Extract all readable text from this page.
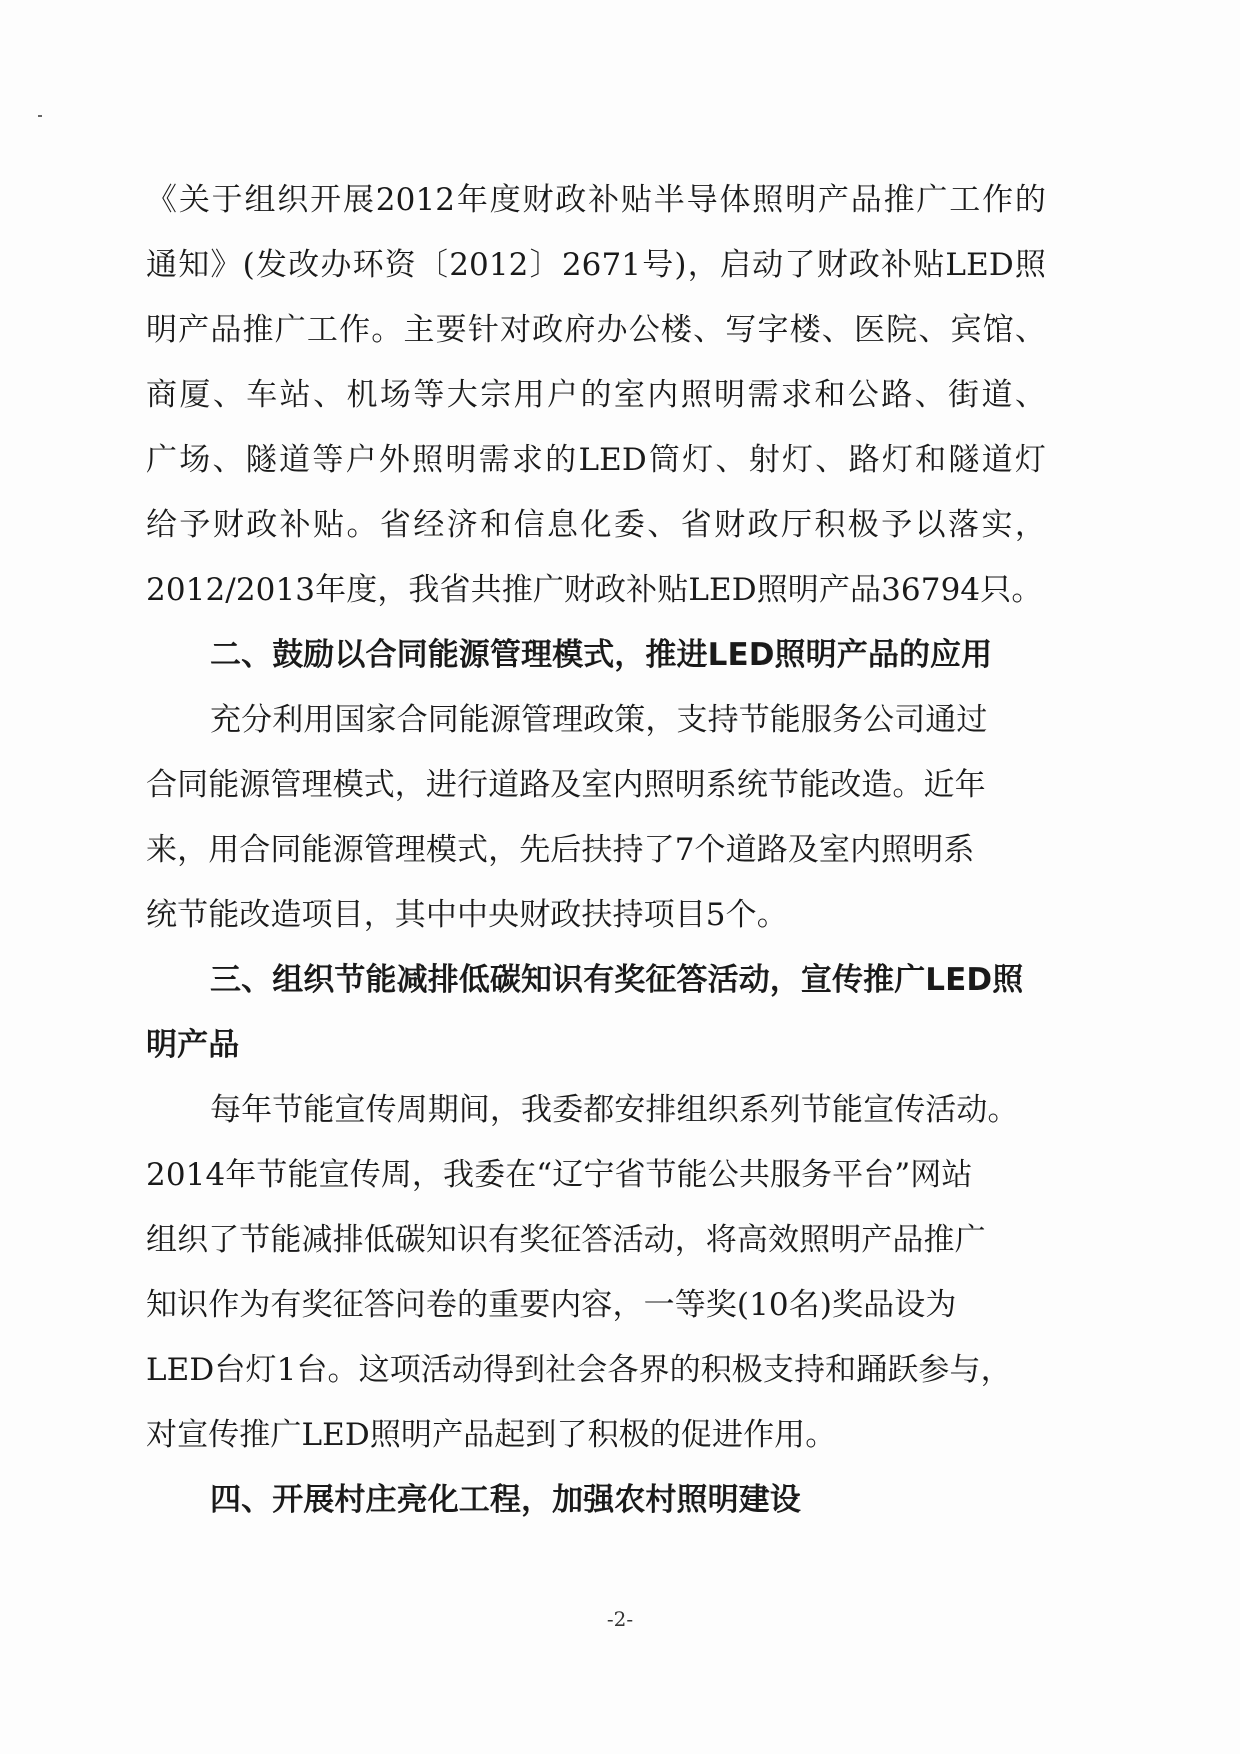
《关于组织开展2012年度财政补贴半导体照明产品推广工作的
通知》(发改办环资〔2012〕2671号)，启动了财政补贴LED照
明产品推广工作。主要针对政府办公楼、写字楼、医院、宾馆、
商厦、车站、机场等大宗用户的室内照明需求和公路、街道、
广场、隧道等户外照明需求的LED筒灯、射灯、路灯和隧道灯
给予财政补贴。省经济和信息化委、省财政厅积极予以落实，
2012/2013年度，我省共推广财政补贴LED照明产品36794只。
二、鼓励以合同能源管理模式，推进LED照明产品的应用
充分利用国家合同能源管理政策，支持节能服务公司通过
合同能源管理模式，进行道路及室内照明系统节能改造。近年
来，用合同能源管理模式，先后扶持了7个道路及室内照明系
统节能改造项目，其中中央财政扶持项目5个。
三、组织节能减排低碳知识有奖征答活动，宣传推广LED照
明产品
每年节能宣传周期间，我委都安排组织系列节能宣传活动。
2014年节能宣传周，我委在“辽宁省节能公共服务平台”网站
组织了节能减排低碳知识有奖征答活动，将高效照明产品推广
知识作为有奖征答问卷的重要内容，一等奖(10名)奖品设为
LED台灯1台。这项活动得到社会各界的积极支持和踊跃参与，
对宣传推广LED照明产品起到了积极的促进作用。
四、开展村庄亮化工程，加强农村照明建设
-2-
